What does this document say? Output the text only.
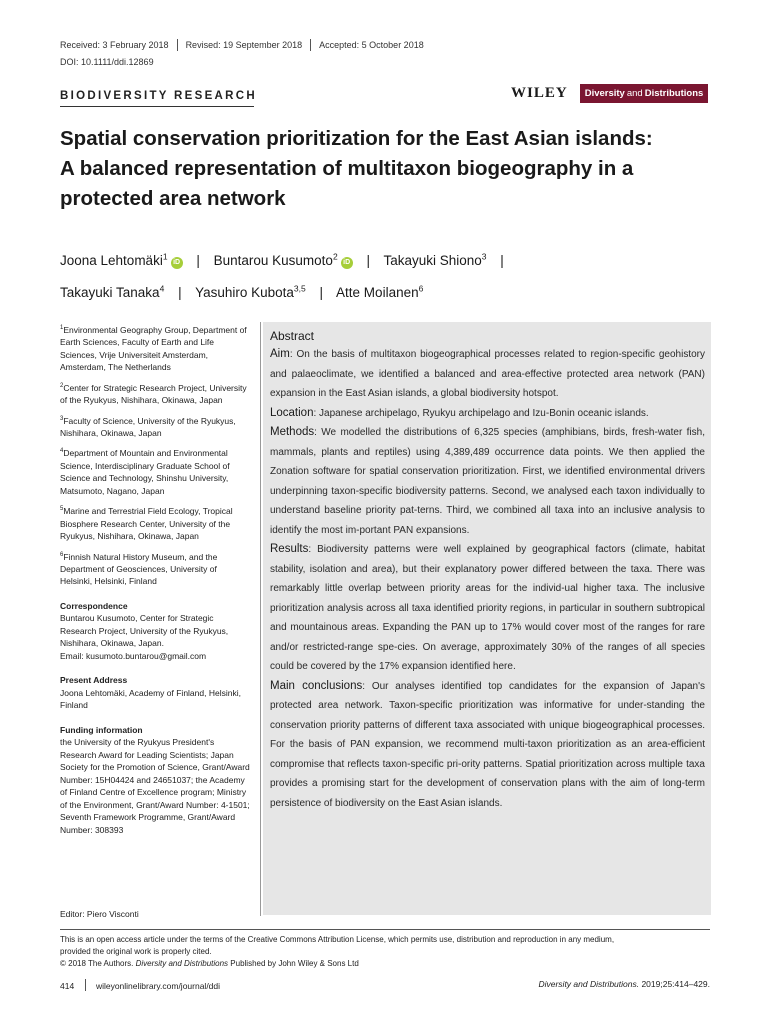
Received: 3 February 2018 Revised: 19 September 2018 Accepted: 5 October 2018
DOI: 10.1111/ddi.12869
BIODIVERSITY RESEARCH	WILEY Diversity and Distributions
Spatial conservation prioritization for the East Asian islands:
A balanced representation of multitaxon biogeography in a
protected area network
Joona Lehtomäki$^1$iD | Buntarou Kusumoto$^2$iD | Takayuki Shiono$^3$ |
Takayuki Tanaka$^4$ | Yasuhiro Kubota$^{3,5}$ | Atte Moilanen$^6$

$^1$Environmental Geography Group, Department of Earth Sciences, Faculty of Earth and Life Sciences, Vrije Universiteit Amsterdam, Amsterdam, The Netherlands

$^2$Center for Strategic Research Project, University of the Ryukyus, Nishihara, Okinawa, Japan

$^3$Faculty of Science, University of the Ryukyus, Nishihara, Okinawa, Japan

$^4$Department of Mountain and Environmental Science, Interdisciplinary Graduate School of Science and Technology, Shinshu University, Matsumoto, Nagano, Japan

$^5$Marine and Terrestrial Field Ecology, Tropical Biosphere Research Center, University of the Ryukyus, Nishihara, Okinawa, Japan

$^6$Finnish Natural History Museum, and the Department of Geosciences, University of Helsinki, Helsinki, Finland

Correspondence
Buntarou Kusumoto, Center for Strategic Research Project, University of the Ryukyus, Nishihara, Okinawa, Japan.
Email: kusumoto.buntarou@gmail.com

Present Address
Joona Lehtomäki, Academy of Finland, Helsinki, Finland

Funding information
the University of the Ryukyus President's Research Award for Leading Scientists; Japan Society for the Promotion of Science, Grant/Award Number: 15H04424 and 24651037; the Academy of Finland Centre of Excellence program; Ministry of the Environment, Grant/Award Number: 4-1501; Seventh Framework Programme, Grant/Award Number: 308393

Editor: Piero Visconti
Abstract

Aim: On the basis of multitaxon biogeographical processes related to region-specific geohistory and palaeoclimate, we identified a balanced and area-effective protected area network (PAN) expansion in the East Asian islands, a global biodiversity hotspot.

Location: Japanese archipelago, Ryukyu archipelago and Izu-Bonin oceanic islands.

Methods: We modelled the distributions of 6,325 species (amphibians, birds, fresh-water fish, mammals, plants and reptiles) using 4,389,489 occurrence data points. We then applied the Zonation software for spatial conservation prioritization. First, we identified environmental drivers underpinning taxon-specific biodiversity patterns. Second, we analysed each taxon individually to understand baseline priority pat-terns. Third, we combined all taxa into an inclusive analysis to identify the most im-portant PAN expansions.

Results: Biodiversity patterns were well explained by geographical factors (climate, habitat stability, isolation and area), but their explanatory power differed between the taxa. There was remarkably little overlap between priority areas for the individ-ual higher taxa. The inclusive prioritization analysis across all taxa identified priority regions, in particular in southern subtropical and mountainous areas. Expanding the PAN up to 17% would cover most of the ranges for rare and/or restricted-range spe-cies. On average, approximately 30% of the ranges of all species could be covered by the 17% expansion identified here.

Main conclusions: Our analyses identified top candidates for the expansion of Japan's protected area network. Taxon-specific prioritization was informative for under-standing the conservation priority patterns of different taxa associated with unique biogeographical processes. For the basis of PAN expansion, we recommend multi-taxon prioritization as an area-efficient compromise that reflects taxon-specific pri-ority patterns. Spatial prioritization across multiple taxa provides a promising start for the development of conservation plans with the aim of long-term persistence of biodiversity on the East Asian islands.

This is an open access article under the terms of the Creative Commons Attribution License, which permits use, distribution and reproduction in any medium,
provided the original work is properly cited.
© 2018 The Authors. Diversity and Distributions Published by John Wiley & Sons Ltd
414	wileyonlinelibrary.com/journal/ddi	Diversity and Distributions. 2019;25:414–429.
